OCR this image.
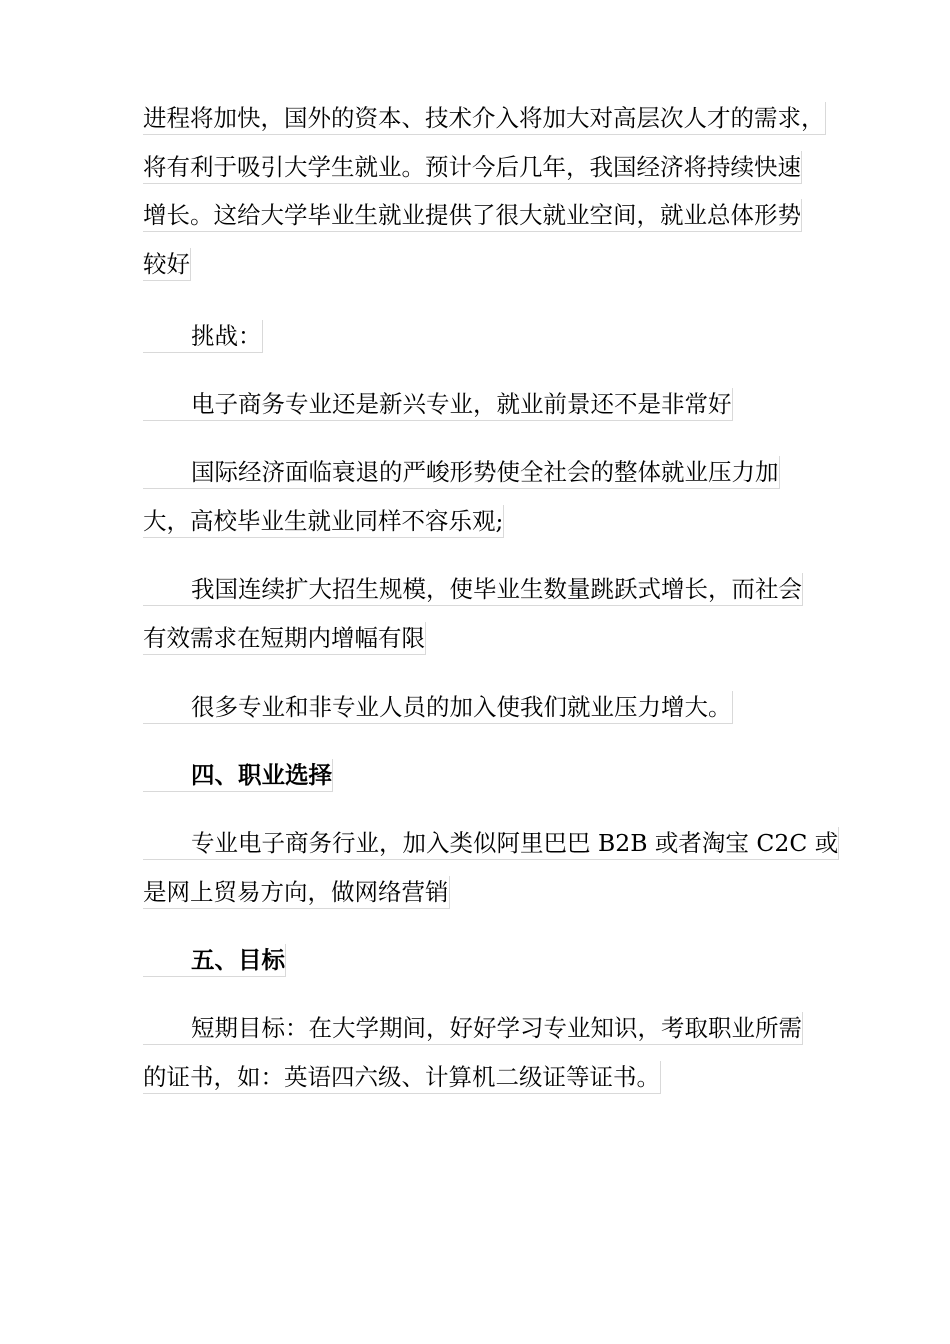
进程将加快，国外的资本、技术介入将加大对高层次人才的需求，
将有利于吸引大学生就业。预计今后几年，我国经济将持续快速
增长。这给大学毕业生就业提供了很大就业空间，就业总体形势
较好
挑战：
电子商务专业还是新兴专业，就业前景还不是非常好
国际经济面临衰退的严峻形势使全社会的整体就业压力加
大，高校毕业生就业同样不容乐观;
我国连续扩大招生规模，使毕业生数量跳跃式增长，而社会
有效需求在短期内增幅有限
很多专业和非专业人员的加入使我们就业压力增大。
四、职业选择
专业电子商务行业，加入类似阿里巴巴 B2B 或者淘宝 C2C 或
是网上贸易方向，做网络营销
五、目标
短期目标：在大学期间，好好学习专业知识，考取职业所需
的证书，如：英语四六级、计算机二级证等证书。
